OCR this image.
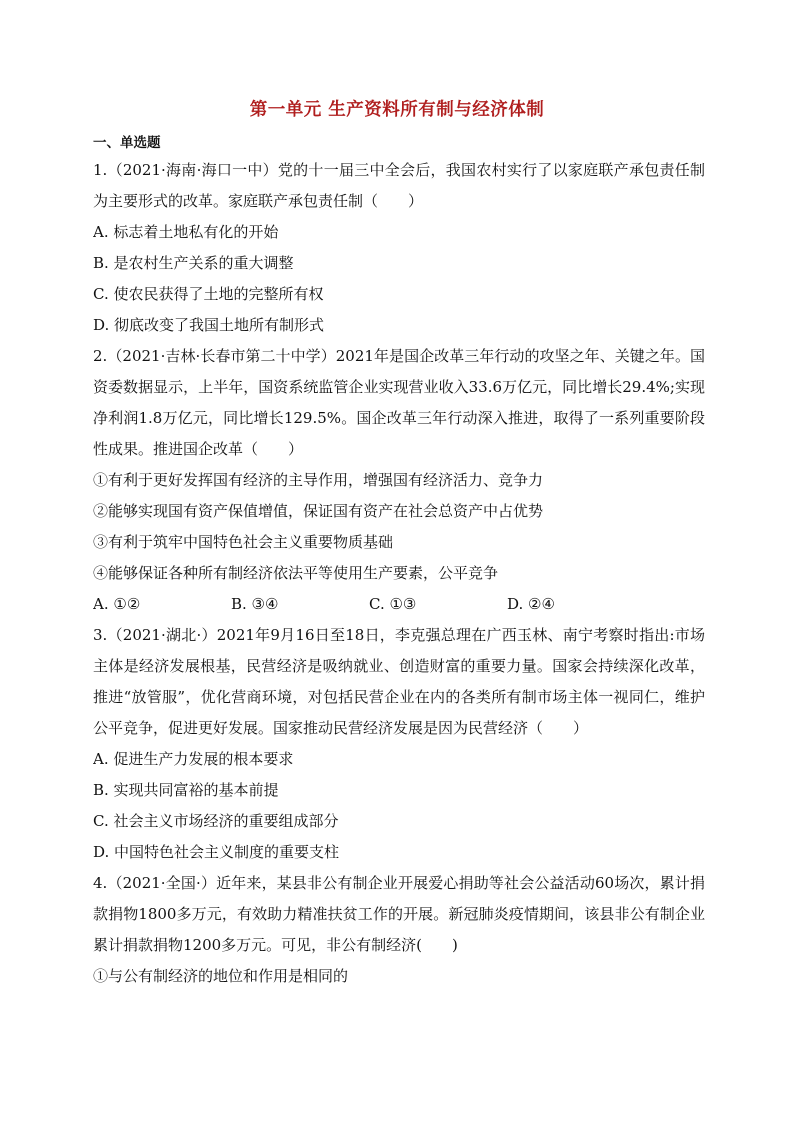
第一单元 生产资料所有制与经济体制
一、单选题
1.（2021·海南·海口一中）党的十一届三中全会后，我国农村实行了以家庭联产承包责任制为主要形式的改革。家庭联产承包责任制（　　）
A. 标志着土地私有化的开始
B. 是农村生产关系的重大调整
C. 使农民获得了土地的完整所有权
D. 彻底改变了我国土地所有制形式
2.（2021·吉林·长春市第二十中学）2021年是国企改革三年行动的攻坚之年、关键之年。国资委数据显示，上半年，国资系统监管企业实现营业收入33.6万亿元，同比增长29.4%;实现净利润1.8万亿元，同比增长129.5%。国企改革三年行动深入推进，取得了一系列重要阶段性成果。推进国企改革（　　）
①有利于更好发挥国有经济的主导作用，增强国有经济活力、竞争力
②能够实现国有资产保值增值，保证国有资产在社会总资产中占优势
③有利于筑牢中国特色社会主义重要物质基础
④能够保证各种所有制经济依法平等使用生产要素，公平竞争
A. ①②	B. ③④	C. ①③	D. ②④
3.（2021·湖北·）2021年9月16日至18日，李克强总理在广西玉林、南宁考察时指出:市场主体是经济发展根基，民营经济是吸纳就业、创造财富的重要力量。国家会持续深化改革，推进“放管服”，优化营商环境，对包括民营企业在内的各类所有制市场主体一视同仁，维护公平竞争，促进更好发展。国家推动民营经济发展是因为民营经济（　　）
A. 促进生产力发展的根本要求
B. 实现共同富裕的基本前提
C. 社会主义市场经济的重要组成部分
D. 中国特色社会主义制度的重要支柱
4.（2021·全国·）近年来，某县非公有制企业开展爱心捐助等社会公益活动60场次，累计捐款捐物1800多万元，有效助力精准扶贫工作的开展。新冠肺炎疫情期间，该县非公有制企业累计捐款捐物1200多万元。可见，非公有制经济(　　)
①与公有制经济的地位和作用是相同的
